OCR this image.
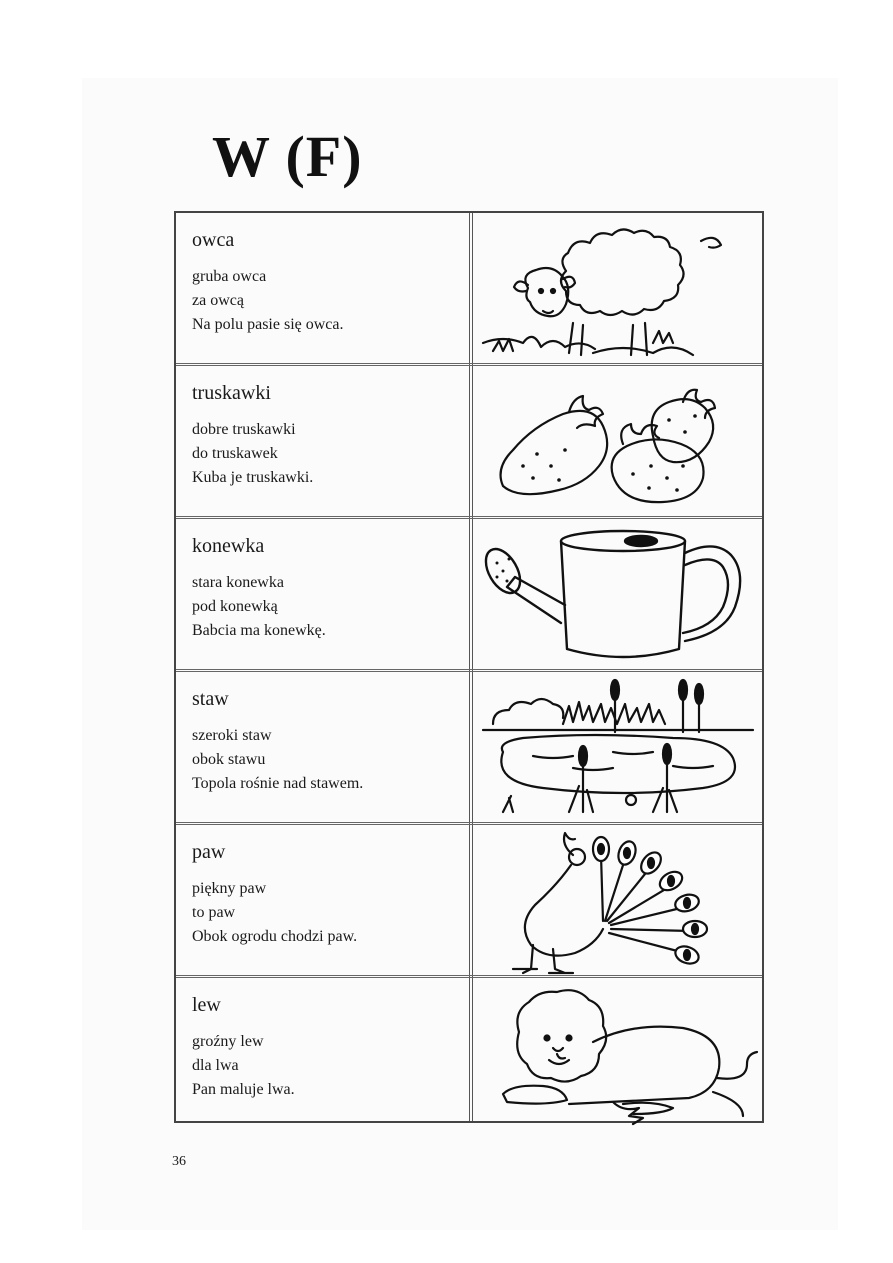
W (F)
owca
gruba owca
za owcą
Na polu pasie się owca.
truskawki
dobre truskawki
do truskawek
Kuba je truskawki.
konewka
stara konewka
pod konewką
Babcia ma konewkę.
staw
szeroki staw
obok stawu
Topola rośnie nad stawem.
paw
piękny paw
to paw
Obok ogrodu chodzi paw.
lew
groźny lew
dla lwa
Pan maluje lwa.
36
